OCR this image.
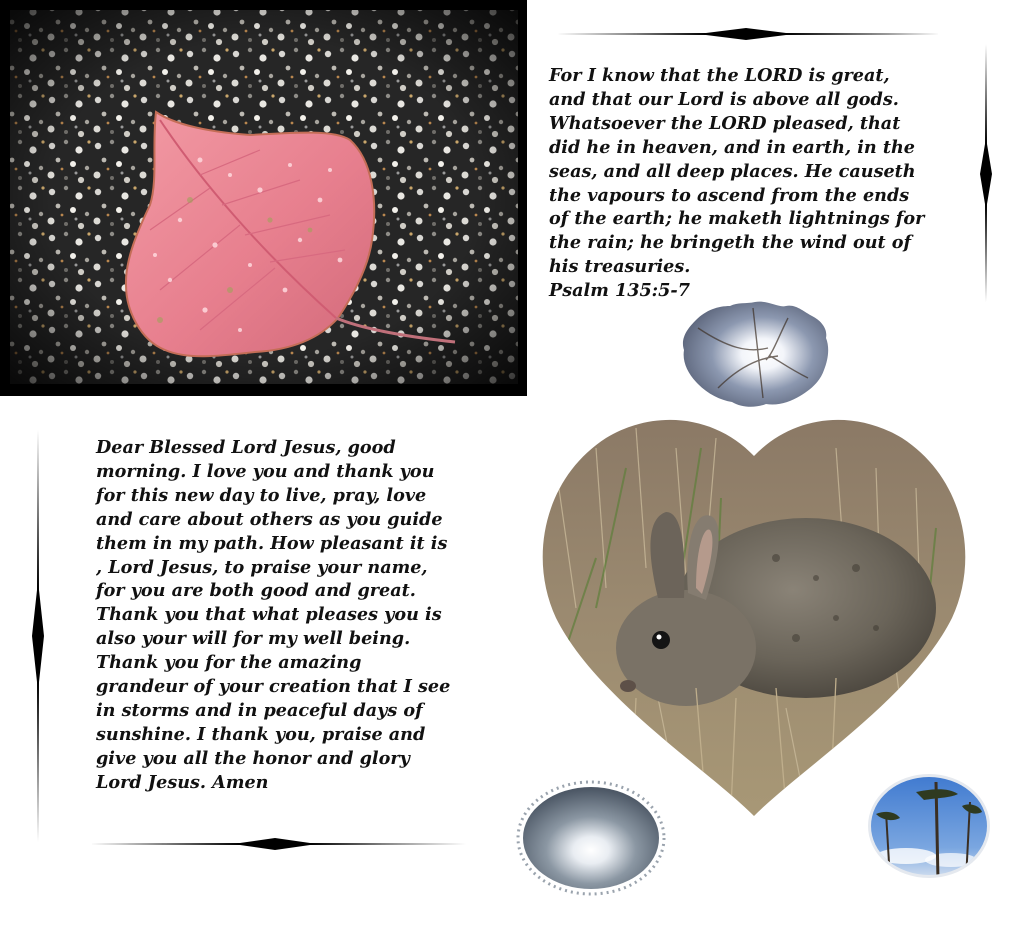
For I know that the LORD is great,

and that our Lord is above all gods.

Whatsoever the LORD pleased, that

did he in heaven, and in earth, in the

seas, and all deep places. He causeth

the vapours to ascend from the ends

of the earth; he maketh lightnings for

the rain; he bringeth the wind out of

his treasuries.

Psalm 135:5-7

Dear Blessed Lord Jesus, good

morning. I love you and thank you

for this new day to live, pray, love

and care about others as you guide

them in my path. How pleasant it is

, Lord Jesus, to praise your name,

for you are both good and great.

Thank you that what pleases you is

also your will for my well being.

Thank you for the amazing

grandeur of your creation that I see

in storms and in peaceful days of

sunshine. I thank you, praise and

give you all the honor and glory

Lord Jesus. Amen
